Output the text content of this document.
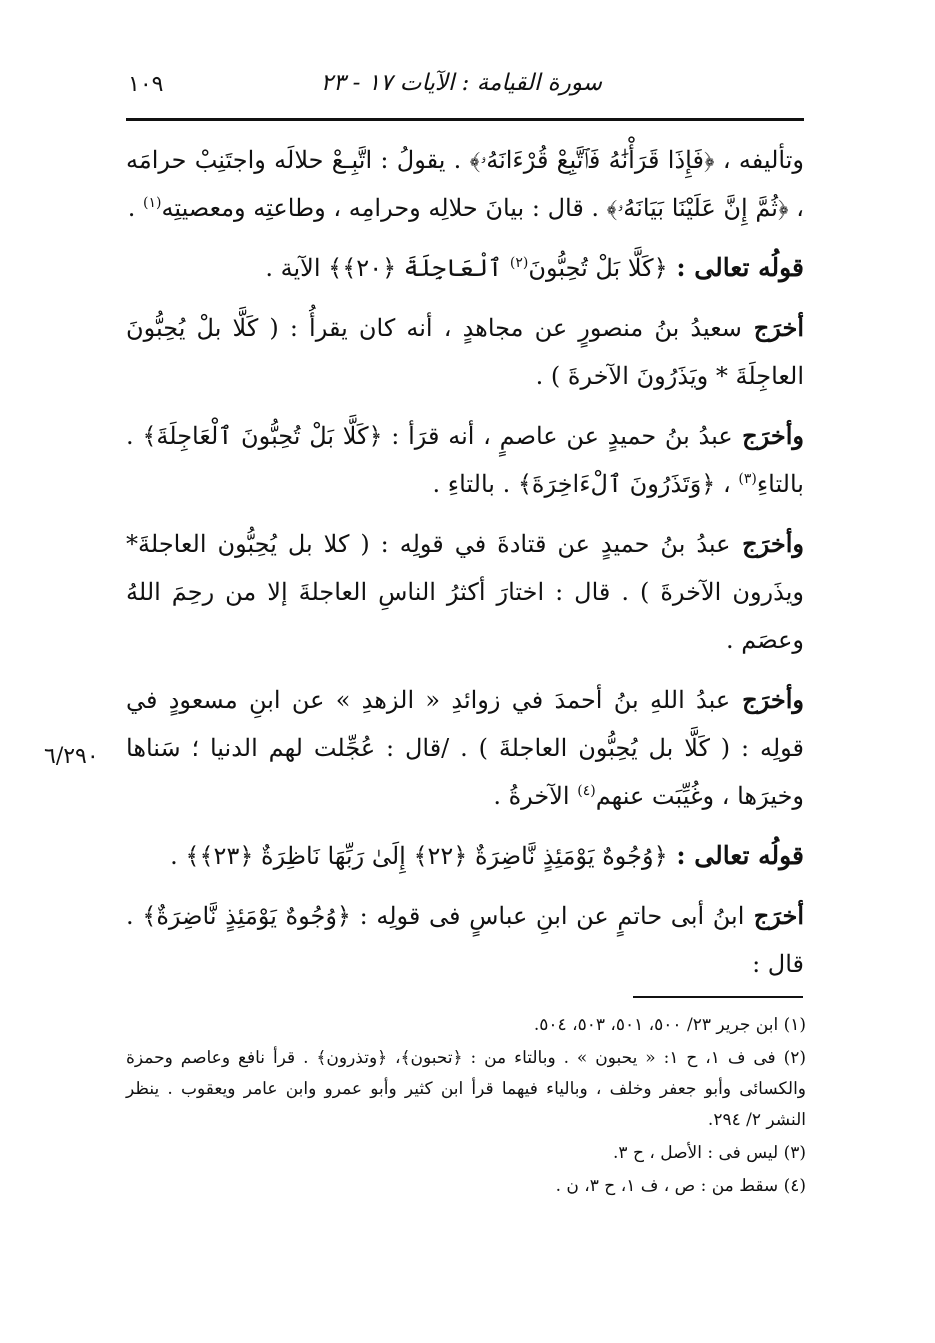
١٠٩	سورة القيامة : الآيات ١٧ - ٢٣

وتأليفه ، ﴿فَإِذَا قَرَأْنَٰهُ فَٱتَّبِعْ قُرْءَانَهُۥ﴾ . يقولُ : اتَّبِـعْ حلالَه واجتَنِبْ حرامَه ، ﴿ثُمَّ إِنَّ عَلَيْنَا بَيَانَهُۥ﴾ . قال : بيانَ حلالِه وحرامِه ، وطاعتِه ومعصيتِه$^{(١)}$ .

قولُه تعالى : ﴿كَلَّا بَلْ تُحِبُّونَ$^{(٢)}$ ٱلْعَاجِلَةَ ﴿٢٠﴾﴾ الآية .

أخرَج سعيدُ بنُ منصورٍ عن مجاهدٍ ، أنه كان يقرأُ : ( كَلَّا بلْ يُحِبُّونَ العاجِلَةَ * ويَذَرُونَ الآخرةَ ) .

وأخرَج عبدُ بنُ حميدٍ عن عاصمٍ ، أنه قرَأ : ﴿كَلَّا بَلْ تُحِبُّونَ ٱلْعَاجِلَةَ﴾ . بالتاءِ$^{(٣)}$ ، ﴿وَتَذَرُونَ ٱلْءَاخِرَةَ﴾ . بالتاءِ .

وأخرَج عبدُ بنُ حميدٍ عن قتادةَ في قولِه : ( كلا بل يُحِبُّون العاجلةَ* ويذَرون الآخرةَ ) . قال : اختارَ أكثرُ الناسِ العاجلةَ إلا من رحِمَ اللهُ وعصَم .

وأخرَج عبدُ اللهِ بنُ أحمدَ في زوائدِ « الزهدِ » عن ابنِ مسعودٍ في قولِه : ( كَلَّا بل يُحِبُّون العاجلةَ ) . /قال : عُجِّلت لهم الدنيا ؛ سَناها وخيرَها ، وغُيِّبَت عنهم$^{(٤)}$ الآخرةُ .

قولُه تعالى : ﴿وُجُوهٌ يَوْمَئِذٍ نَّاضِرَةٌ ﴿٢٢﴾ إِلَىٰ رَبِّهَا نَاظِرَةٌ ﴿٢٣﴾﴾ .

أخرَج ابنُ أبى حاتمٍ عن ابنِ عباسٍ فى قولِه : ﴿وُجُوهٌ يَوْمَئِذٍ نَّاضِرَةٌ﴾ . قال :

٦/٢٩٠

(١) ابن جرير ٢٣/ ٥٠٠، ٥٠١، ٥٠٣، ٥٠٤.

(٢) فى ف ١، ح ١: « يحبون » . وبالتاء من : ﴿تحبون﴾، ﴿وتذرون﴾ . قرأ نافع وعاصم وحمزة والكسائى وأبو جعفر وخلف ، وبالياء فيهما قرأ ابن كثير وأبو عمرو وابن عامر ويعقوب . ينظر النشر ٢/ ٢٩٤.

(٣) ليس فى : الأصل ، ح ٣.

(٤) سقط من : ص ، ف ١، ح ٣، ن .
